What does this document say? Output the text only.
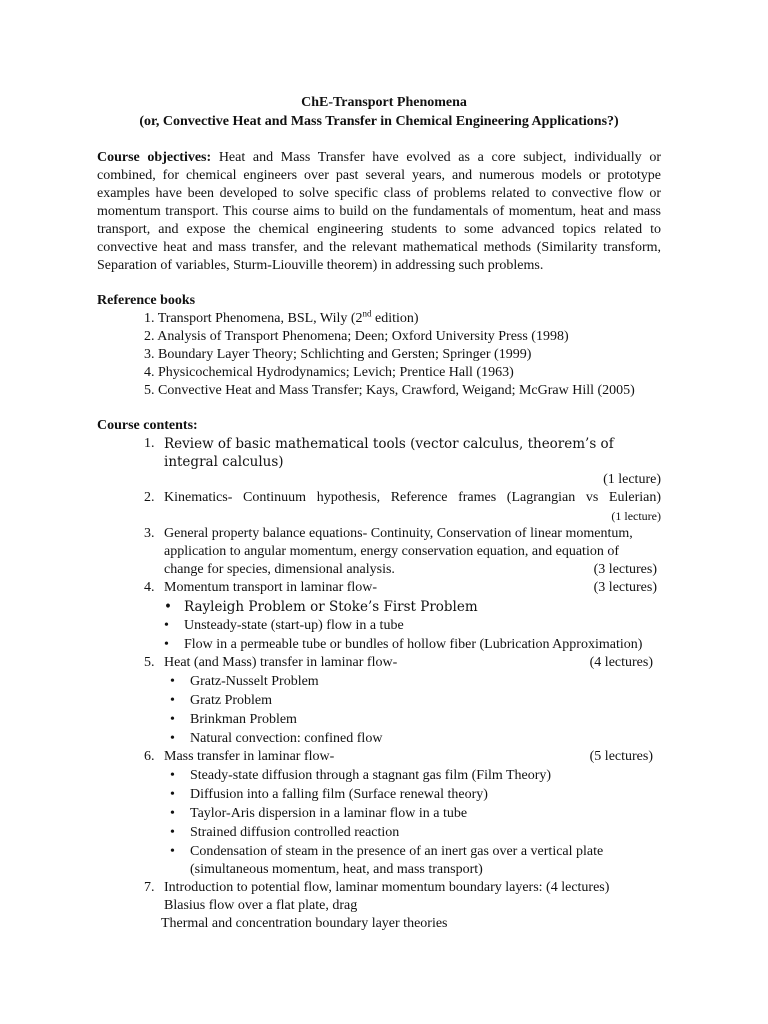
ChE-Transport Phenomena

(or, Convective Heat and Mass Transfer in Chemical Engineering Applications?)

Course objectives: Heat and Mass Transfer have evolved as a core subject, individually or combined, for chemical engineers over past several years, and numerous models or prototype examples have been developed to solve specific class of problems related to convective flow or momentum transport. This course aims to build on the fundamentals of momentum, heat and mass transport, and expose the chemical engineering students to some advanced topics related to convective heat and mass transfer, and the relevant mathematical methods (Similarity transform, Separation of variables, Sturm-Liouville theorem) in addressing such problems.
Reference books
1. Transport Phenomena, BSL, Wily (2nd edition)
2. Analysis of Transport Phenomena; Deen; Oxford University Press (1998)
3. Boundary Layer Theory; Schlichting and Gersten; Springer (1999)
4. Physicochemical Hydrodynamics; Levich; Prentice Hall (1963)
5. Convective Heat and Mass Transfer; Kays, Crawford, Weigand; McGraw Hill (2005)
Course contents:
1. Review of basic mathematical tools (vector calculus, theorem’s of integral calculus)
(1 lecture)
2. Kinematics- Continuum hypothesis, Reference frames (Lagrangian vs Eulerian)
(1 lecture)
3. General property balance equations- Continuity, Conservation of linear momentum,
application to angular momentum, energy conservation equation, and equation of
change for species, dimensional analysis.	(3 lectures)
4. Momentum transport in laminar flow-	(3 lectures)
• Rayleigh Problem or Stoke’s First Problem
• Unsteady-state (start-up) flow in a tube
• Flow in a permeable tube or bundles of hollow fiber (Lubrication Approximation)
5. Heat (and Mass) transfer in laminar flow-	(4 lectures)
• Gratz-Nusselt Problem
• Gratz Problem
• Brinkman Problem
• Natural convection: confined flow
6. Mass transfer in laminar flow-	(5 lectures)
• Steady-state diffusion through a stagnant gas film (Film Theory)
• Diffusion into a falling film (Surface renewal theory)
• Taylor-Aris dispersion in a laminar flow in a tube
• Strained diffusion controlled reaction
• Condensation of steam in the presence of an inert gas over a vertical plate
(simultaneous momentum, heat, and mass transport)
7. Introduction to potential flow, laminar momentum boundary layers: (4 lectures)
Blasius flow over a flat plate, drag
Thermal and concentration boundary layer theories
